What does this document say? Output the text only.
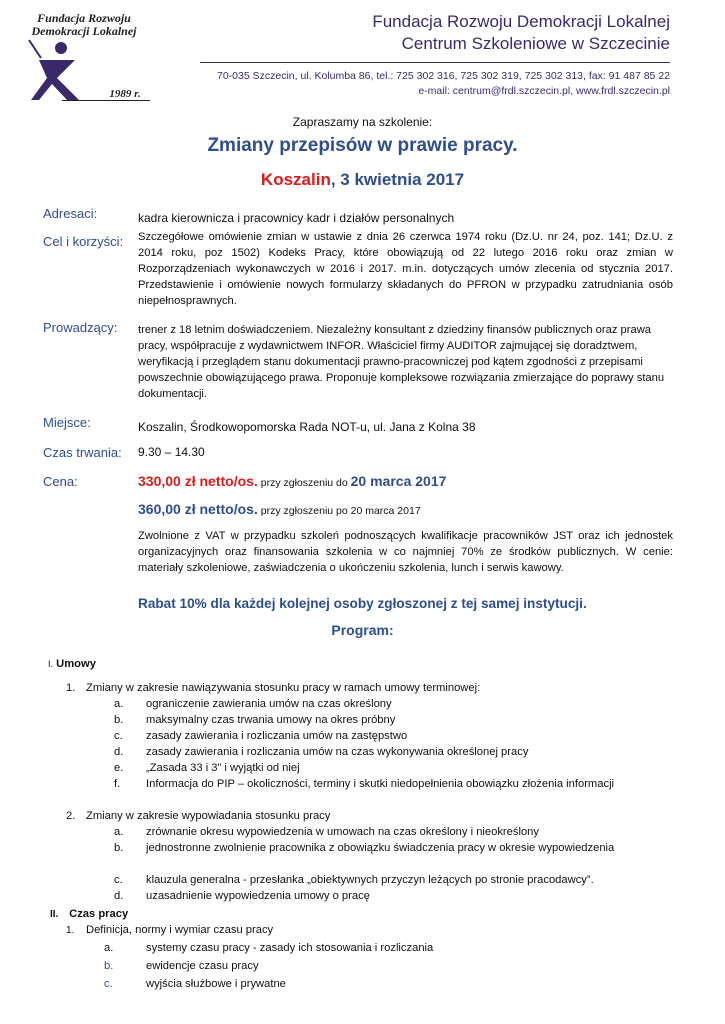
Fundacja Rozwoju
Demokracji Lokalnej
1989 r.
Fundacja Rozwoju Demokracji Lokalnej
Centrum Szkoleniowe w Szczecinie
70-035 Szczecin, ul. Kolumba 86, tel.: 725 302 316, 725 302 319, 725 302 313, fax: 91 487 85 22
e-mail: centrum@frdl.szczecin.pl, www.frdl.szczecin.pl
Zapraszamy na szkolenie:
Zmiany przepisów w prawie pracy.
Koszalin, 3 kwietnia 2017
Adresaci:	kadra kierownicza i pracownicy kadr i działów personalnych
Cel i korzyści: Szczegółowe omówienie zmian w ustawie z dnia 26 czerwca 1974 roku (Dz.U. nr 24, poz. 141; Dz.U. z 2014 roku, poz 1502) Kodeks Pracy, które obowiązują od 22 lutego 2016 roku oraz zmian w Rozporządzeniach wykonawczych w 2016 i 2017. m.in. dotyczących umów zlecenia od stycznia 2017. Przedstawienie i omówienie nowych formularzy składanych do PFRON w przypadku zatrudniania osób niepełnosprawnych.
Prowadzący: trener z 18 letnim doświadczeniem. Niezależny konsultant z dziedziny finansów publicznych oraz prawa pracy, współpracuje z wydawnictwem INFOR. Właściciel firmy AUDITOR zajmującej się doradztwem, weryfikacją i przeglądem stanu dokumentacji prawno-pracowniczej pod kątem zgodności z przepisami powszechnie obowiązującego prawa. Proponuje kompleksowe rozwiązania zmierzające do poprawy stanu dokumentacji.
Miejsce:	Koszalin, Środkowopomorska Rada NOT-u, ul. Jana z Kolna 38
Czas trwania: 9.30 – 14.30
Cena:	330,00 zł netto/os. przy zgłoszeniu do 20 marca 2017
360,00 zł netto/os. przy zgłoszeniu po 20 marca 2017
Zwolnione z VAT w przypadku szkoleń podnoszących kwalifikacje pracowników JST oraz ich jednostek organizacyjnych oraz finansowania szkolenia w co najmniej 70% ze środków publicznych. W cenie: materiały szkoleniowe, zaświadczenia o ukończeniu szkolenia, lunch i serwis kawowy.
Rabat 10% dla każdej kolejnej osoby zgłoszonej z tej samej instytucji.
Program:
I. Umowy
1. Zmiany w zakresie nawiązywania stosunku pracy w ramach umowy terminowej:
a. ograniczenie zawierania umów na czas określony
b. maksymalny czas trwania umowy na okres próbny
c. zasady zawierania i rozliczania umów na zastępstwo
d. zasady zawierania i rozliczania umów na czas wykonywania określonej pracy
e. „Zasada 33 i 3” i wyjątki od niej
f.	Informacja do PIP – okoliczności, terminy i skutki niedopełnienia obowiązku złożenia informacji
2. Zmiany w zakresie wypowiadania stosunku pracy
a. zrównanie okresu wypowiedzenia w umowach na czas określony i nieokreślony
b.	jednostronne zwolnienie pracownika z obowiązku świadczenia pracy w okresie wypowiedzenia
c. klauzula generalna - przesłanka „obiektywnych przyczyn leżących po stronie pracodawcy”.
d. uzasadnienie wypowiedzenia umowy o pracę
II. Czas pracy
1. Definicja, normy i wymiar czasu pracy
a.	systemy czasu pracy - zasady ich stosowania i rozliczania
b.	ewidencje czasu pracy
c.	wyjścia służbowe i prywatne
